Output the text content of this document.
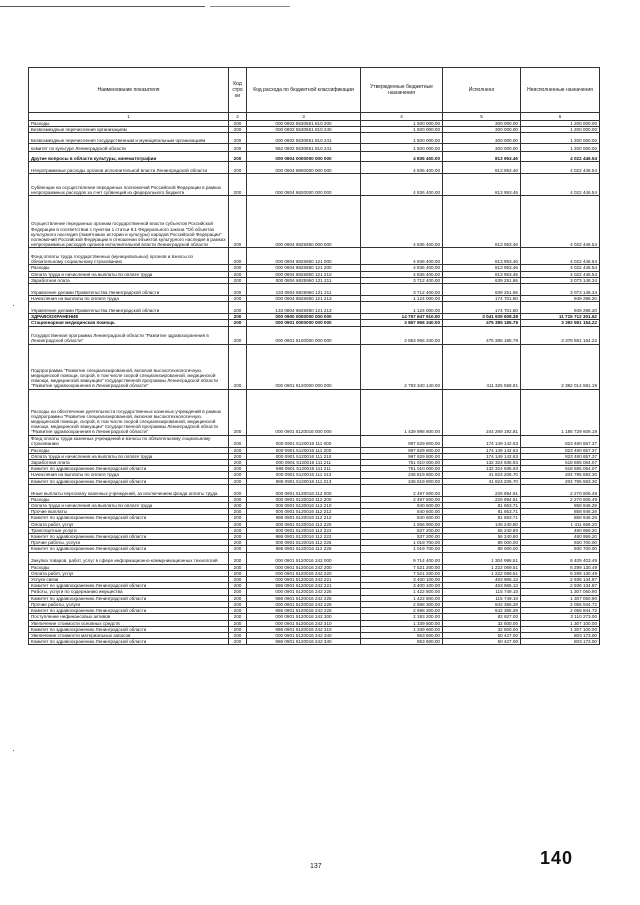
·
·
Наименование показателя	Код стро ки	Код расхода по бюджетной классификации	Утвержденные бюджетные назначения	Исполнено	Неисполненные назначения
1	2	3	4	5	6
Расходы	200	000 0802 5530651 810 200	1 500 000.00	300 000.00	1 200 000.00
Безвозмездные перечисления организациям	200	000 0802 5530651 810 240	1 500 000.00	300 000.00	1 200 000.00
Безвозмездные перечисления государственным и муниципальным организациям	200	000 0802 5530651 810 241	1 500 000.00	300 000.00	1 200 000.00
комитет по культуре Ленинградской области	200	962 0802 5530651 810 241	1 500 000.00	300 000.00	1 200 000.00
Другие вопросы в области культуры, кинематографии	200	000 0804 0000000 000 000	4 836 400.00	813 953.46	4 022 446.54
Непрограммные расходы органов исполнительной власти Ленинградской области	200	000 0804 6800000 000 000	4 836 400.00	813 953.46	4 022 446.54
Субвенции на осуществление переданных полномочий Российской Федерации в рамках непрограммных расходов за счет субвенций из федерального бюджета	200	000 0804 6820000 000 000	4 836 400.00	813 953.46	4 022 446.54
Осуществление переданных органам государственной власти субъектов Российской Федерации в соответствии с пунктом 1 статьи 9.1 Федерального закона "Об объектах культурного наследия (памятниках истории и культуры) народов Российской Федерации" полномочий Российской Федерации в отношении объектов культурного наследия в рамках непрограммных расходов органов исполнительной власти Ленинградской области	200	000 0804 6825950 000 000	4 836 400.00	813 953.46	4 022 446.54
Фонд оплаты труда государственных (муниципальных) органов и взносы по обязательному социальному страхованию	200	000 0804 6825950 121 000	4 836 400.00	813 953.46	4 022 446.54
Расходы	200	000 0804 6825950 121 200	4 836 400.00	813 953.46	4 022 446.54
Оплата труда и начисления на выплаты по оплате труда	200	000 0804 6825950 121 210	4 836 400.00	813 953.46	4 022 446.54
Заработная плата	200	000 0804 6825950 121 211	3 712 400.00	639 251.66	3 073 148.34
Управление делами Правительства Ленинградской области	200	133 0804 6825950 121 211	3 712 400.00	639 251.66	3 073 148.34
Начисления на выплаты по оплате труда	200	000 0804 6825950 121 213	1 124 000.00	174 701.80	949 298.20
Управление делами Правительства Ленинградской области	200	133 0804 6825950 121 213	1 124 000.00	174 701.80	949 298.20
ЗДРАВООХРАНЕНИЕ	200	000 0900 0000000 000 000	14 757 647 910.00	3 041 935 608.38	11 715 712 301.62
Стационарная медицинская помощь	200	000 0901 0000000 000 000	3 867 966 340.00	475 385 185.78	3 392 581 154.22
Государственная программа Ленинградской области "Развитие здравоохранения в Ленинградской области"	200	000 0901 5100000 000 000	3 853 966 340.00	475 385 185.78	3 378 581 154.22
Подпрограмма "Развитие специализированной, включая высокотехнологичную, медицинской помощи, скорой, в том числе скорой специализированной, медицинской помощи, медицинской эвакуации" государственной программы Ленинградской области "Развитие здравоохранения в Ленинградской области"	200	000 0901 5120000 000 000	2 793 340 140.00	411 325 558.81	2 382 014 581.19
Расходы на обеспечение деятельности государственных казенных учреждений в рамках подпрограммы "Развитие специализированной, включая высокотехнологичную, медицинской помощи, скорой, в том числе скорой специализированной, медицинской помощи, медицинской эвакуации" государственной программы Ленинградской области "Развитие здравоохранения в Ленинградской области"	200	000 0901 5120016 000 000	1 429 998 800.00	244 269 192.81	1 185 729 609.19
Фонд оплаты труда казенных учреждений и взносы по обязательному социальному страхованию	200	000 0901 5120016 111 000	997 629 800.00	174 149 142.63	823 480 657.37
Расходы	200	000 0901 5120016 111 200	997 629 800.00	174 149 142.63	823 480 657.37
Оплата труда и начисления на выплаты по оплате труда	200	000 0901 5120016 111 210	997 629 800.00	174 149 142.63	823 480 657.37
Заработная плата	200	000 0901 5120016 111 211	751 010 000.00	132 324 935.93	618 685 064.07
Комитет по здравоохранению Ленинградской области	200	986 0901 5120016 111 211	751 010 000.00	132 324 935.93	618 685 064.07
Начисления на выплаты по оплате труда	200	000 0901 5120016 111 213	246 619 800.00	41 824 206.70	204 795 593.30
Комитет по здравоохранению Ленинградской области	200	986 0901 5120016 111 213	246 619 800.00	41 824 206.70	204 795 593.30
Иные выплаты персоналу казенных учреждений, за исключением фонда оплаты труда	200	000 0901 5120016 112 000	2 497 500.00	226 894.51	2 270 605.49
Расходы	200	000 0901 5120016 112 200	2 497 500.00	226 894.51	2 270 605.49
Оплата труда и начисления на выплаты по оплате труда	200	000 0901 5120016 112 210	840 600.00	81 653.71	858 946.29
Прочие выплаты	200	000 0901 5120016 112 212	840 600.00	81 653.71	858 946.29
Комитет по здравоохранению Ленинградской области	200	986 0901 5120016 112 212	840 600.00	81 653.71	858 946.29
Оплата работ, услуг	200	000 0901 5120016 112 220	1 556 900.00	145 240.80	1 411 659.20
Транспортные услуги	200	000 0901 5120016 112 222	537 200.00	56 240.80	480 959.20
Комитет по здравоохранению Ленинградской области	200	986 0901 5120016 112 222	537 200.00	56 240.80	480 959.20
Прочие работы, услуги	200	000 0901 5120016 112 226	1 019 700.00	89 000.00	930 700.00
Комитет по здравоохранению Ленинградской области	200	986 0901 5120016 112 226	1 019 700.00	89 000.00	930 700.00
Закупка товаров, работ, услуг в сфере информационно-коммуникационных технологий	200	000 0901 5120016 242 000	9 714 400.00	1 304 996.51	8 409 403.49
Расходы	200	000 0901 5120016 242 200	7 521 200.00	1 222 069.51	6 299 130.49
Оплата работ, услуг	200	000 0901 5120016 242 220	7 521 200.00	1 222 069.51	6 299 130.49
Услуги связи	200	000 0901 5120016 242 221	3 400 100.00	463 965.13	2 936 134.87
Комитет по здравоохранению Ленинградской области	200	986 0901 5120016 242 221	3 400 100.00	463 965.13	2 936 134.87
Работы, услуги по содержанию имущества	200	000 0901 5120016 242 225	1 422 800.00	115 749.10	1 307 050.90
Комитет по здравоохранению Ленинградской области	200	986 0901 5120016 242 225	1 422 800.00	115 749.10	1 307 050.90
Прочие работы, услуги	200	000 0901 5120016 242 226	2 698 300.00	642 355.28	2 055 944.72
Комитет по здравоохранению Ленинградской области	200	986 0901 5120016 242 226	2 698 300.00	642 355.28	2 055 944.72
Поступление нефинансовых активов	200	000 0901 5120016 242 300	2 193 200.00	82 927.00	2 110 273.00
Увеличение стоимости основных средств	200	000 0901 5120016 242 310	1 339 600.00	32 500.00	1 307 100.00
Комитет по здравоохранению Ленинградской области	200	986 0901 5120016 242 310	1 339 600.00	32 500.00	1 307 100.00
Увеличение стоимости материальных запасов	200	000 0901 5120016 242 340	853 600.00	50 427.00	803 173.00
Комитет по здравоохранению Ленинградской области	200	986 0901 5120016 242 340	853 600.00	50 427.00	803 173.00
137	140
